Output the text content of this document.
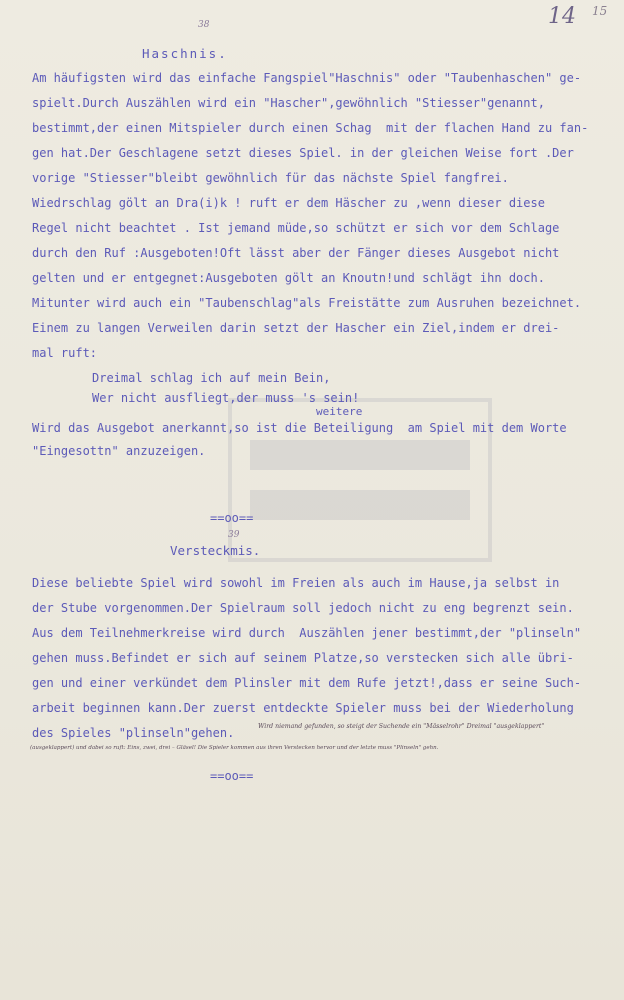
14 15
38
Haschnis.
Am häufigsten wird das einfache Fangspiel"Haschnis" oder "Taubenhaschen" ge-
spielt.Durch Auszählen wird ein "Hascher",gewöhnlich "Stiesser"genannt,
bestimmt,der einen Mitspieler durch einen Schag  mit der flachen Hand zu fan-
gen hat.Der Geschlagene setzt dieses Spiel. in der gleichen Weise fort .Der
vorige "Stiesser"bleibt gewöhnlich für das nächste Spiel fangfrei.
Wiedrschlag gölt an Dra(i)k ! ruft er dem Häscher zu ,wenn dieser diese
Regel nicht beachtet . Ist jemand müde,so schützt er sich vor dem Schlage
durch den Ruf :Ausgeboten!Oft lässt aber der Fänger dieses Ausgebot nicht
gelten und er entgegnet:Ausgeboten gölt an Knoutn!und schlägt ihn doch.
Mitunter wird auch ein "Taubenschlag"als Freistätte zum Ausruhen bezeichnet.
Einem zu langen Verweilen darin setzt der Hascher ein Ziel,indem er drei-
mal ruft:
Dreimal schlag ich auf mein Bein,
Wer nicht ausfliegt,der muss 's sein!
weitere
Wird das Ausgebot anerkannt,so ist die Beteiligung  am Spiel mit dem Worte
"Eingesottn" anzuzeigen.
==oo==
39
Versteckmis.
Diese beliebte Spiel wird sowohl im Freien als auch im Hause,ja selbst in
der Stube vorgenommen.Der Spielraum soll jedoch nicht zu eng begrenzt sein.
Aus dem Teilnehmerkreise wird durch  Auszählen jener bestimmt,der "plinseln"
gehen muss.Befindet er sich auf seinem Platze,so verstecken sich alle übri-
gen und einer verkündet dem Plinsler mit dem Rufe jetzt!,dass er seine Such-
arbeit beginnen kann.Der zuerst entdeckte Spieler muss bei der Wiederholung
des Spieles "plinseln"gehen.	Wird niemand gefunden, so steigt der Suchende ein "Mässelrohr" Dreimal "ausgeklappert"
(ausgeklappert) und dabei so ruft: Eins, zwei, drei – Gläsel! Die Spieler kommen aus ihren Verstecken hervor und der letzte muss "Plinseln" gehn.
==oo==
